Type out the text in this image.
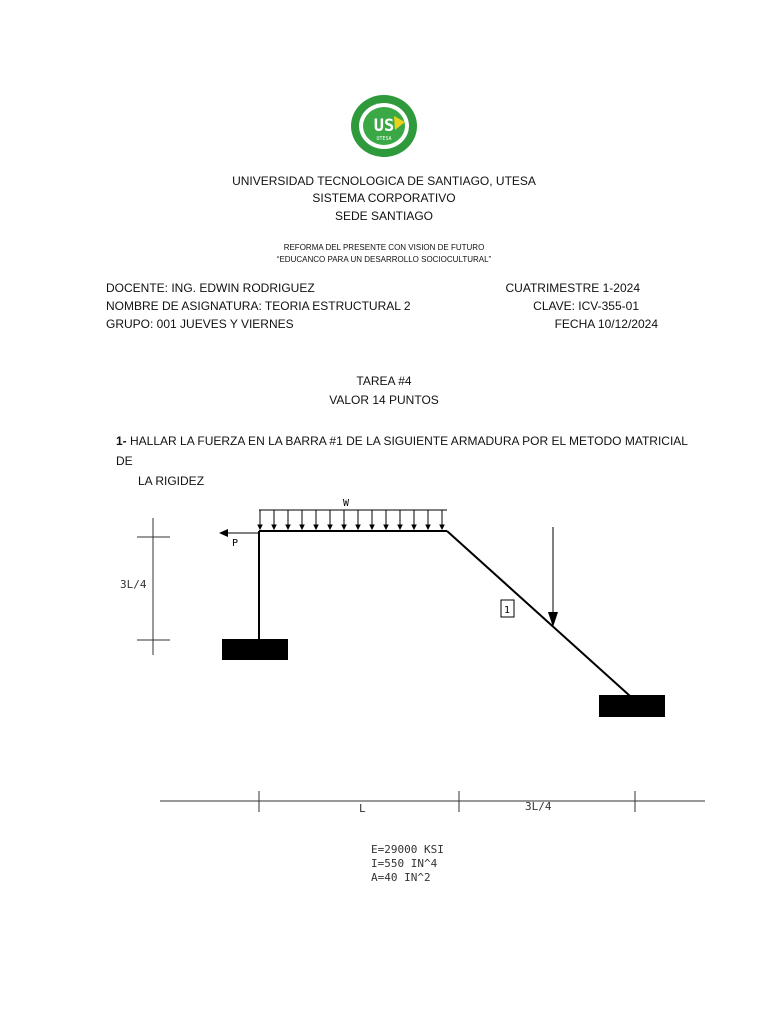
US
UTESA
UNIVERSIDAD TECNOLOGICA DE SANTIAGO, UTESA
SISTEMA CORPORATIVO
SEDE SANTIAGO
REFORMA DEL PRESENTE CON VISION DE FUTURO
“EDUCANCO PARA UN DESARROLLO SOCIOCULTURAL”
DOCENTE: ING. EDWIN RODRIGUEZ	CUATRIMESTRE 1-2024
NOMBRE DE ASIGNATURA: TEORIA ESTRUCTURAL 2	CLAVE: ICV-355-01
GRUPO: 001 JUEVES Y VIERNES	FECHA 10/12/2024
TAREA #4
VALOR 14 PUNTOS
1- HALLAR LA FUERZA EN LA BARRA #1 DE LA SIGUIENTE ARMADURA POR EL METODO MATRICIAL DE
LA RIGIDEZ
3L/4
W
P
1
L	3L/4
E=29000 KSI
I=550 IN^4
A=40 IN^2
